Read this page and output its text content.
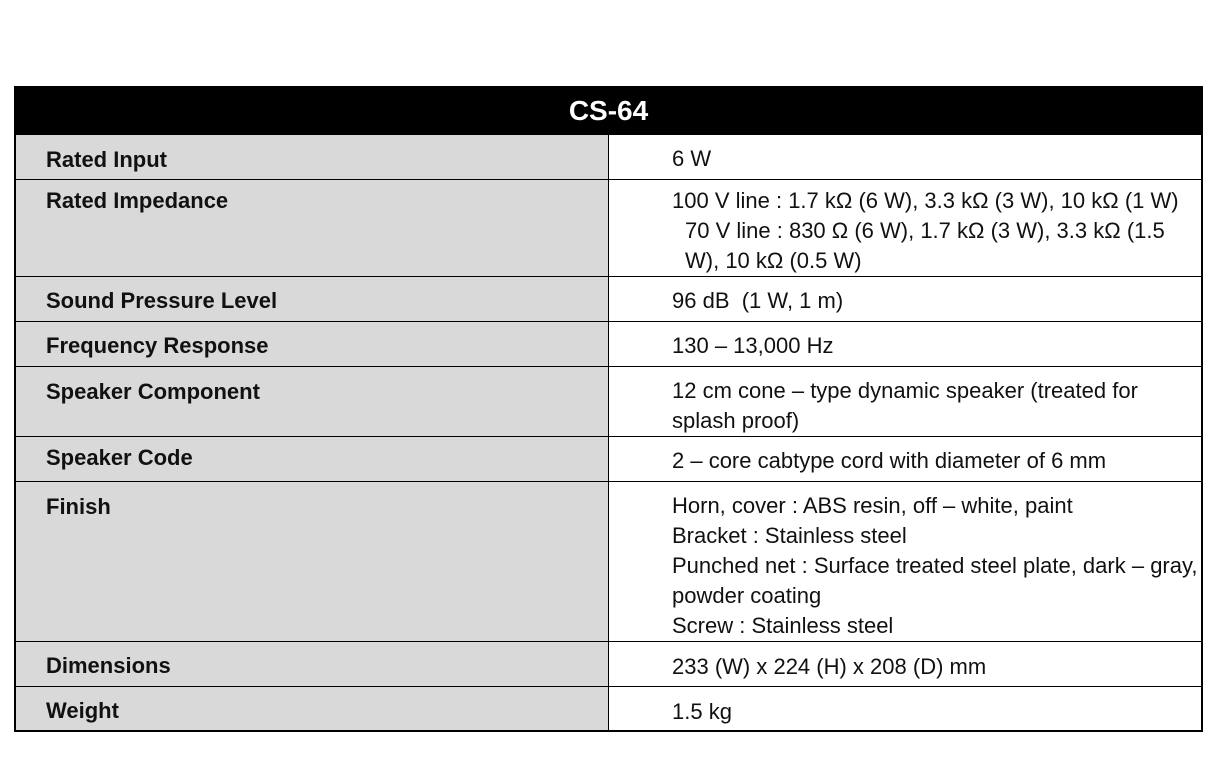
CS-64	

Rated Input	6 W

Rated Impedance	100 V line : 1.7 kΩ (6 W), 3.3 kΩ (3 W), 10 kΩ (1 W)
70 V line : 830 Ω (6 W), 1.7 kΩ (3 W), 3.3 kΩ (1.5 W), 10 kΩ (0.5 W)

Sound Pressure Level	96 dB  (1 W, 1 m)

Frequency Response	130 – 13,000 Hz

Speaker Component	12 cm cone – type dynamic speaker (treated for splash proof)

Speaker Code	2 – core cabtype cord with diameter of 6 mm

Finish	Horn, cover : ABS resin, off – white, paint
Bracket : Stainless steel
Punched net : Surface treated steel plate, dark – gray, powder coating
Screw : Stainless steel

Dimensions	233 (W) x 224 (H) x 208 (D) mm

Weight	1.5 kg
